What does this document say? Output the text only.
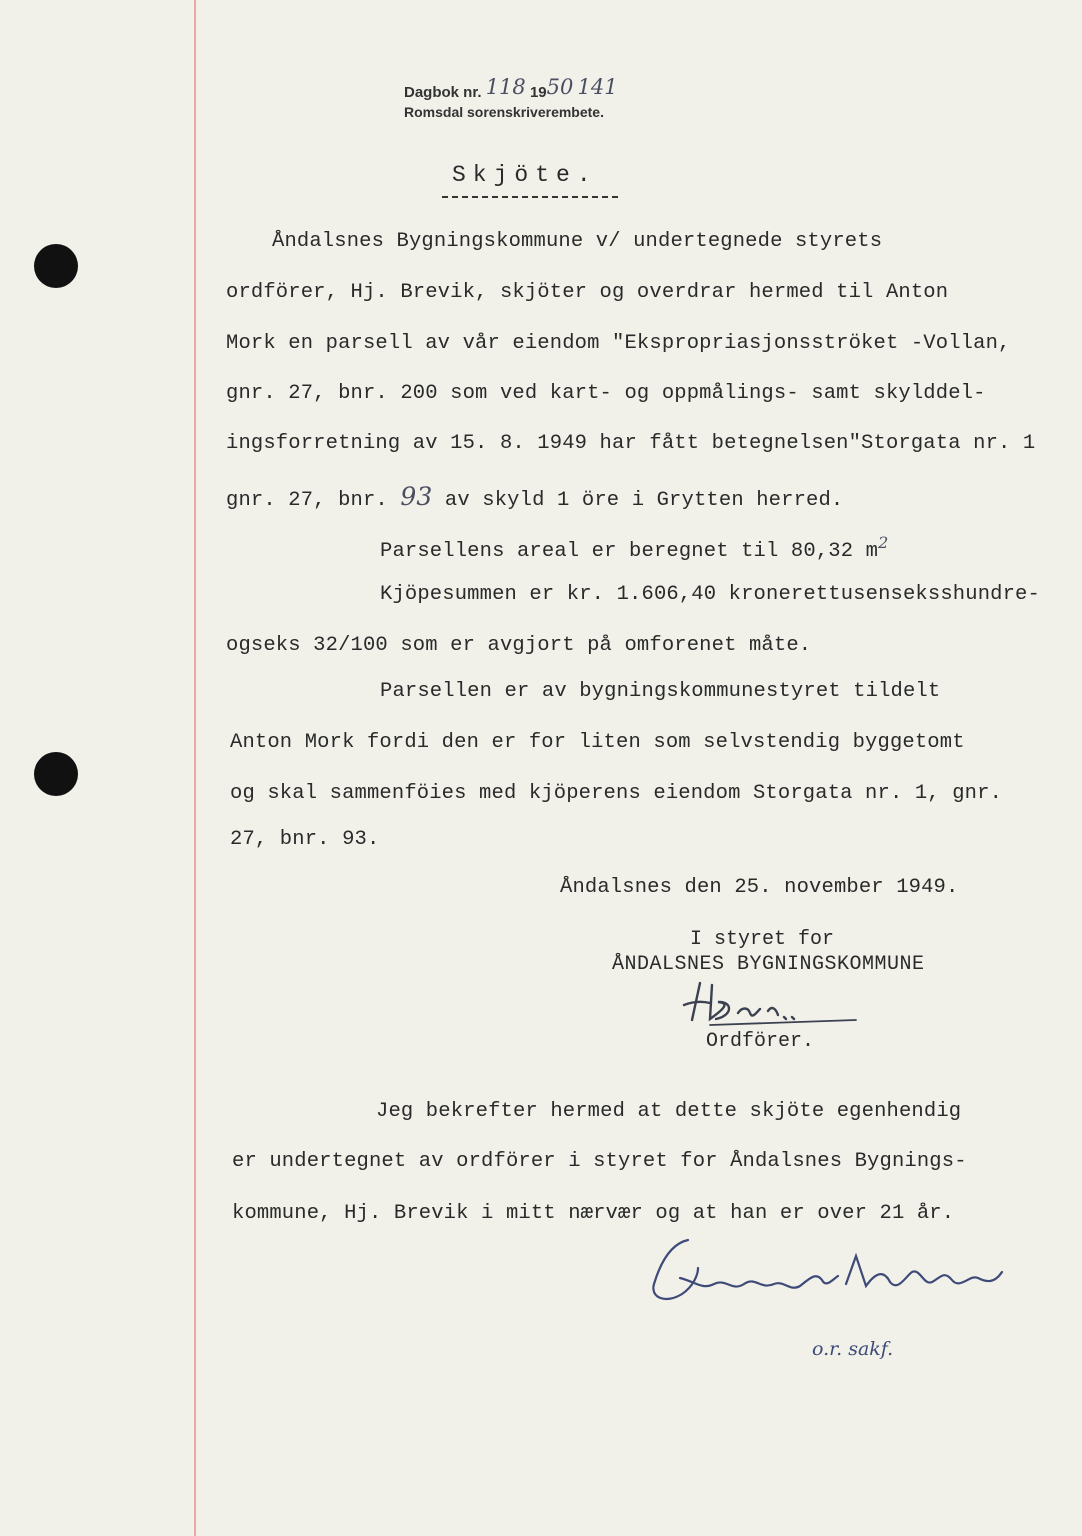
Dagbok nr. 118 1950 141
Romsdal sorenskriverembete.
Skjöte.
Åndalsnes Bygningskommune v/ undertegnede styrets
ordförer, Hj. Brevik, skjöter og overdrar hermed til Anton
Mork en parsell av vår eiendom "Ekspropriasjonsströket -Vollan,
gnr. 27, bnr. 200 som ved kart- og oppmålings- samt skylddel-
ingsforretning av 15. 8. 1949 har fått betegnelsen"Storgata nr. 1
gnr. 27, bnr. 93 av skyld 1 öre i Grytten herred.
Parsellens areal er beregnet til 80,32 $m^2$
Kjöpesummen er kr. 1.606,40 kronerettusenseksshundre-
ogseks 32/100 som er avgjort på omforenet måte.
Parsellen er av bygningskommunestyret tildelt
Anton Mork fordi den er for liten som selvstendig byggetomt
og skal sammenföies med kjöperens eiendom Storgata nr. 1, gnr.
27, bnr. 93.
Åndalsnes den 25. november 1949.
I styret for
ÅNDALSNES BYGNINGSKOMMUNE
HjBrev.
Ordförer.
Jeg bekrefter hermed at dette skjöte egenhendig
er undertegnet av ordförer i styret for Åndalsnes Bygnings-
kommune, Hj. Brevik i mitt nærvær og at han er over 21 år.
Annund Vorheim
o.r. sakf.
